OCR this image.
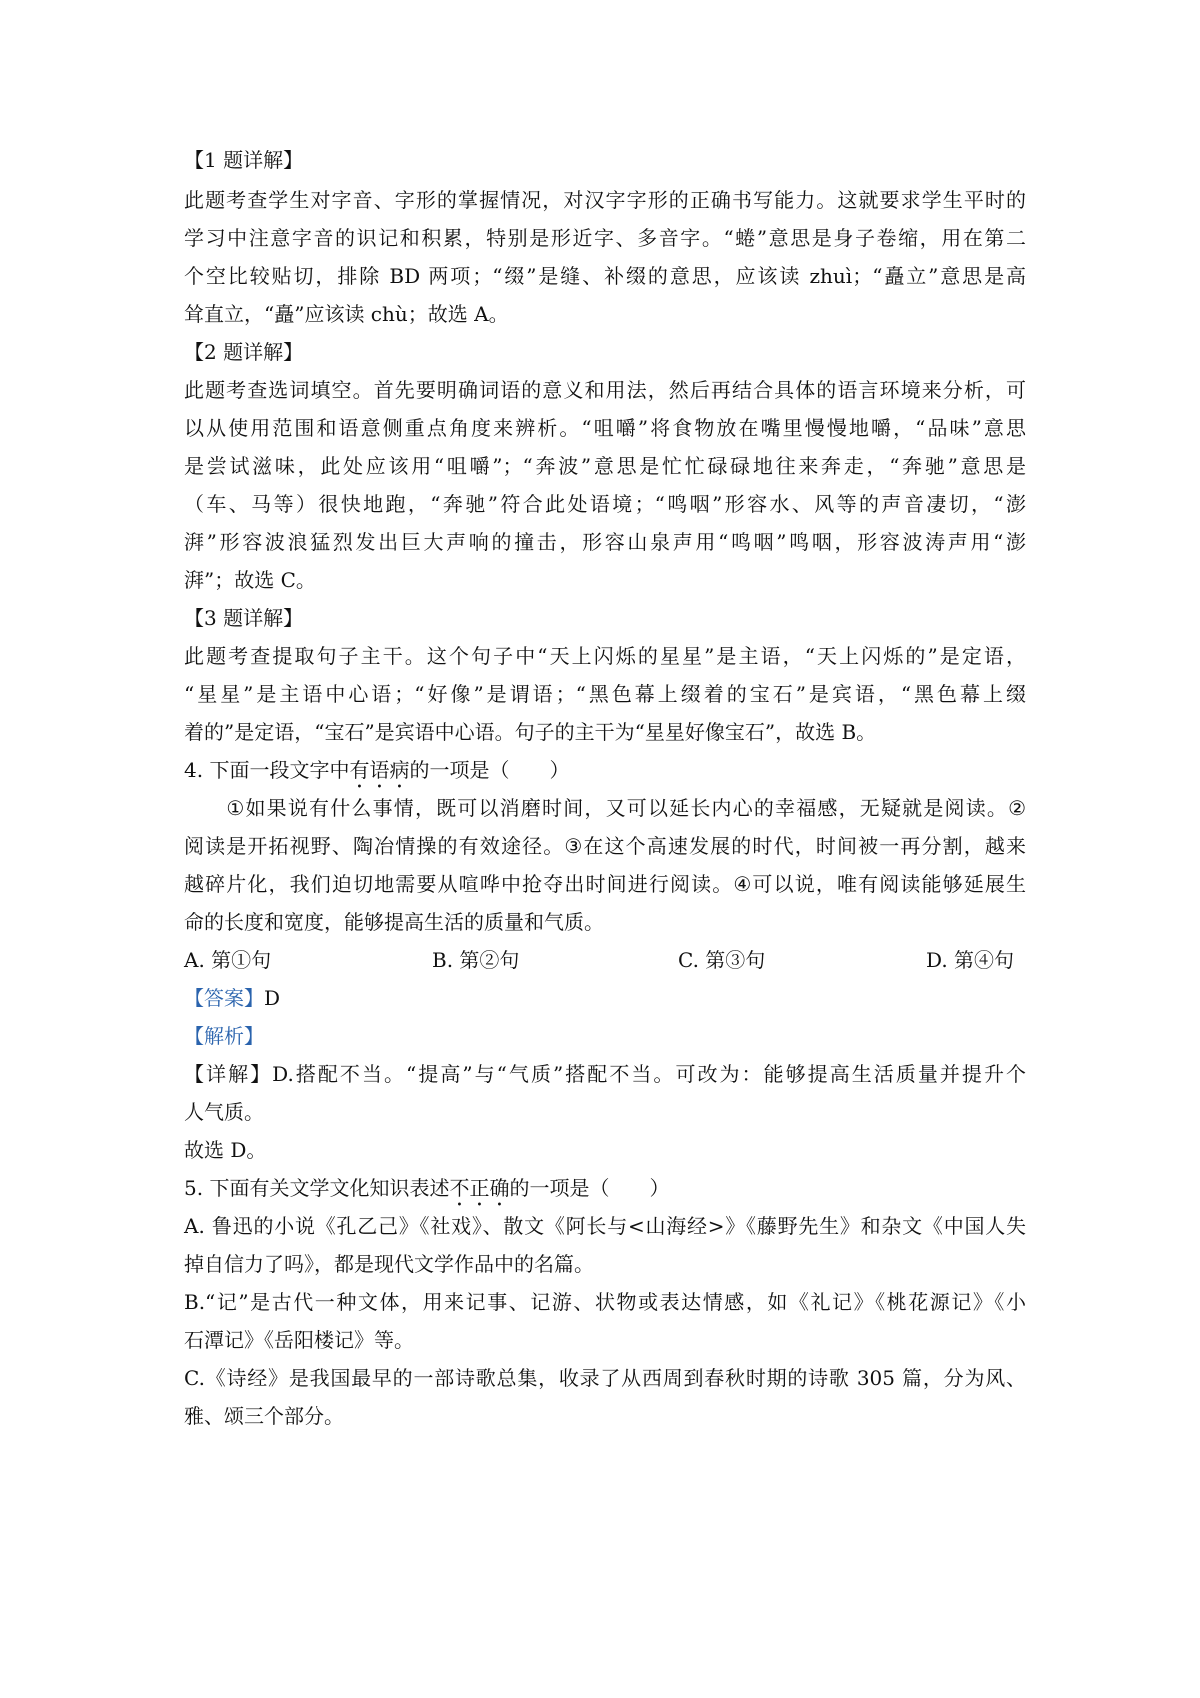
【1 题详解】
此题考查学生对字音、字形的掌握情况，对汉字字形的正确书写能力。这就要求学生平时的
学习中注意字音的识记和积累，特别是形近字、多音字。“蜷”意思是身子卷缩，用在第二
个空比较贴切，排除 BD 两项；“缀”是缝、补缀的意思，应该读 zhuì；“矗立”意思是高
耸直立，“矗”应该读 chù；故选 A。
【2 题详解】
此题考查选词填空。首先要明确词语的意义和用法，然后再结合具体的语言环境来分析，可
以从使用范围和语意侧重点角度来辨析。“咀嚼”将食物放在嘴里慢慢地嚼，“品味”意思
是尝试滋味，此处应该用“咀嚼”；“奔波”意思是忙忙碌碌地往来奔走，“奔驰”意思是
（车、马等）很快地跑，“奔驰”符合此处语境；“鸣咽”形容水、风等的声音凄切，“澎
湃”形容波浪猛烈发出巨大声响的撞击，形容山泉声用“鸣咽”鸣咽，形容波涛声用“澎
湃”；故选 C。
【3 题详解】
此题考查提取句子主干。这个句子中“天上闪烁的星星”是主语，“天上闪烁的”是定语，
“星星”是主语中心语；“好像”是谓语；“黑色幕上缀着的宝石”是宾语，“黑色幕上缀
着的”是定语，“宝石”是宾语中心语。句子的主干为“星星好像宝石”，故选 B。
4. 下面一段文字中有语病的一项是（　　）
　　①如果说有什么事情，既可以消磨时间，又可以延长内心的幸福感，无疑就是阅读。②
阅读是开拓视野、陶冶情操的有效途径。③在这个高速发展的时代，时间被一再分割，越来
越碎片化，我们迫切地需要从喧哗中抢夺出时间进行阅读。④可以说，唯有阅读能够延展生
命的长度和宽度，能够提高生活的质量和气质。
A. 第①句	B. 第②句	C. 第③句	D. 第④句
【答案】D
【解析】
【详解】D.搭配不当。“提高”与“气质”搭配不当。可改为：能够提高生活质量并提升个
人气质。
故选 D。
5. 下面有关文学文化知识表述不正确的一项是（　　）
A. 鲁迅的小说《孔乙己》《社戏》、散文《阿长与<山海经>》《藤野先生》和杂文《中国人失
掉自信力了吗》，都是现代文学作品中的名篇。
B.“记”是古代一种文体，用来记事、记游、状物或表达情感，如《礼记》《桃花源记》《小
石潭记》《岳阳楼记》等。
C.《诗经》是我国最早的一部诗歌总集，收录了从西周到春秋时期的诗歌 305 篇，分为风、
雅、颂三个部分。
